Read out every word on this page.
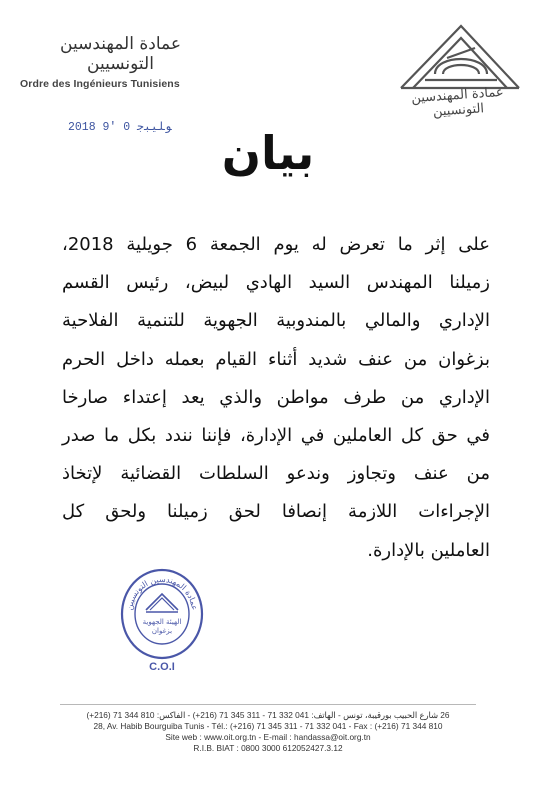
عمادة المهندسين التونسيين
Ordre des Ingénieurs Tunisiens
عمادة المهندسين التونسيين
2018 ﻮﻠﻴﺒﺟ 0 '9	بيان
على إثر ما تعرض له يوم الجمعة 6 جويلية 2018،
زميلنا المهندس السيد الهادي لبيض، رئيس القسم
الإداري والمالي بالمندوبية الجهوية للتنمية الفلاحية
بزغوان من عنف شديد أثناء القيام بعمله داخل الحرم
الإداري من طرف مواطن والذي يعد إعتداء صارخا
في حق كل العاملين في الإدارة، فإننا نندد بكل ما صدر
من عنف وتجاوز وندعو السلطات القضائية لإتخاذ
الإجراءات اللازمة إنصافا لحق زميلنا ولحق كل
العاملين بالإدارة.
عمادة المهندسين التونسيين
الهيئة الجهوية
بزغوان
C.O.I
26 شارع الحبيب بورقيبة، تونس - الهاتف: 041 332 71 - 311 345 71 (216+) - الفاكس: 810 344 71 (216+)
28, Av. Habib Bourguiba Tunis - Tél.: (+216) 71 345 311 - 71 332 041 - Fax : (+216) 71 344 810
Site web : www.oit.org.tn - E-mail : handassa@oit.org.tn
R.I.B. BIAT : 0800 3000 612052427.3.12
